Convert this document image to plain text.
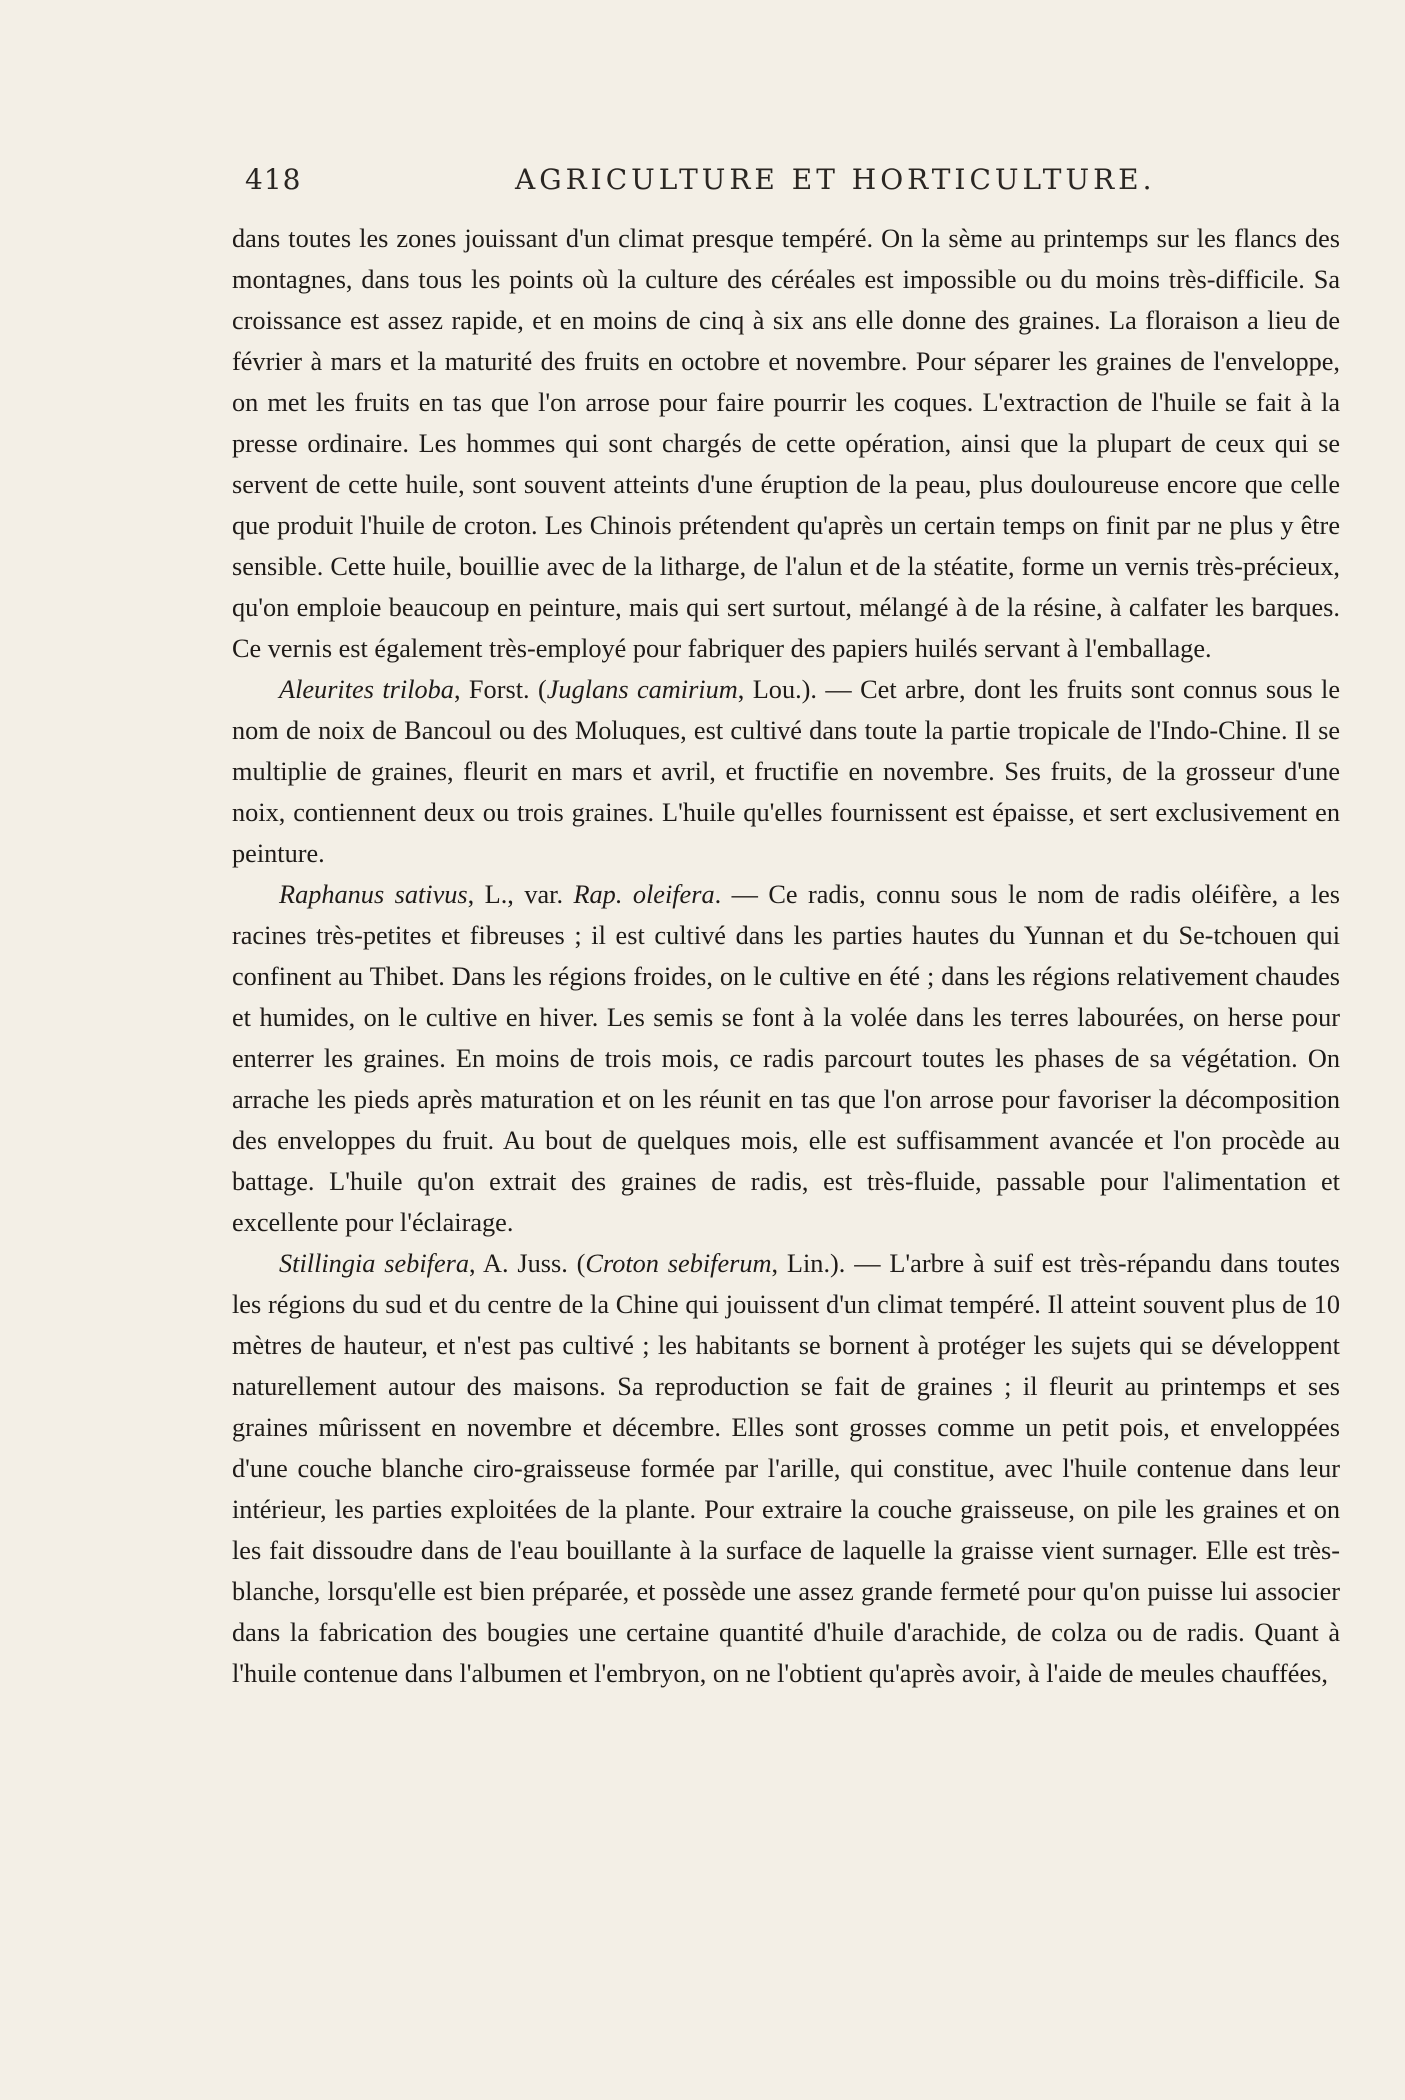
418	AGRICULTURE ET HORTICULTURE.

dans toutes les zones jouissant d'un climat presque tempéré. On la sème au printemps sur les flancs des montagnes, dans tous les points où la culture des céréales est impossible ou du moins très-difficile. Sa croissance est assez rapide, et en moins de cinq à six ans elle donne des graines. La floraison a lieu de février à mars et la maturité des fruits en octobre et novembre. Pour séparer les graines de l'enveloppe, on met les fruits en tas que l'on arrose pour faire pourrir les coques. L'extraction de l'huile se fait à la presse ordinaire. Les hommes qui sont chargés de cette opération, ainsi que la plupart de ceux qui se servent de cette huile, sont souvent atteints d'une éruption de la peau, plus douloureuse encore que celle que produit l'huile de croton. Les Chinois prétendent qu'après un certain temps on finit par ne plus y être sensible. Cette huile, bouillie avec de la litharge, de l'alun et de la stéatite, forme un vernis très-précieux, qu'on emploie beaucoup en peinture, mais qui sert surtout, mélangé à de la résine, à calfater les barques. Ce vernis est également très-employé pour fabriquer des papiers huilés servant à l'emballage.

Aleurites triloba, Forst. (Juglans camirium, Lou.). — Cet arbre, dont les fruits sont connus sous le nom de noix de Bancoul ou des Moluques, est cultivé dans toute la partie tropicale de l'Indo-Chine. Il se multiplie de graines, fleurit en mars et avril, et fructifie en novembre. Ses fruits, de la grosseur d'une noix, contiennent deux ou trois graines. L'huile qu'elles fournissent est épaisse, et sert exclusivement en peinture.

Raphanus sativus, L., var. Rap. oleifera. — Ce radis, connu sous le nom de radis oléifère, a les racines très-petites et fibreuses ; il est cultivé dans les parties hautes du Yunnan et du Se-tchouen qui confinent au Thibet. Dans les régions froides, on le cultive en été ; dans les régions relativement chaudes et humides, on le cultive en hiver. Les semis se font à la volée dans les terres labourées, on herse pour enterrer les graines. En moins de trois mois, ce radis parcourt toutes les phases de sa végétation. On arrache les pieds après maturation et on les réunit en tas que l'on arrose pour favoriser la décomposition des enveloppes du fruit. Au bout de quelques mois, elle est suffisamment avancée et l'on procède au battage. L'huile qu'on extrait des graines de radis, est très-fluide, passable pour l'alimentation et excellente pour l'éclairage.

Stillingia sebifera, A. Juss. (Croton sebiferum, Lin.). — L'arbre à suif est très-répandu dans toutes les régions du sud et du centre de la Chine qui jouissent d'un climat tempéré. Il atteint souvent plus de 10 mètres de hauteur, et n'est pas cultivé ; les habitants se bornent à protéger les sujets qui se développent naturellement autour des maisons. Sa reproduction se fait de graines ; il fleurit au printemps et ses graines mûrissent en novembre et décembre. Elles sont grosses comme un petit pois, et enveloppées d'une couche blanche ciro-graisseuse formée par l'arille, qui constitue, avec l'huile contenue dans leur intérieur, les parties exploitées de la plante. Pour extraire la couche graisseuse, on pile les graines et on les fait dissoudre dans de l'eau bouillante à la surface de laquelle la graisse vient surnager. Elle est très-blanche, lorsqu'elle est bien préparée, et possède une assez grande fermeté pour qu'on puisse lui associer dans la fabrication des bougies une certaine quantité d'huile d'arachide, de colza ou de radis. Quant à l'huile contenue dans l'albumen et l'embryon, on ne l'obtient qu'après avoir, à l'aide de meules chauffées,
